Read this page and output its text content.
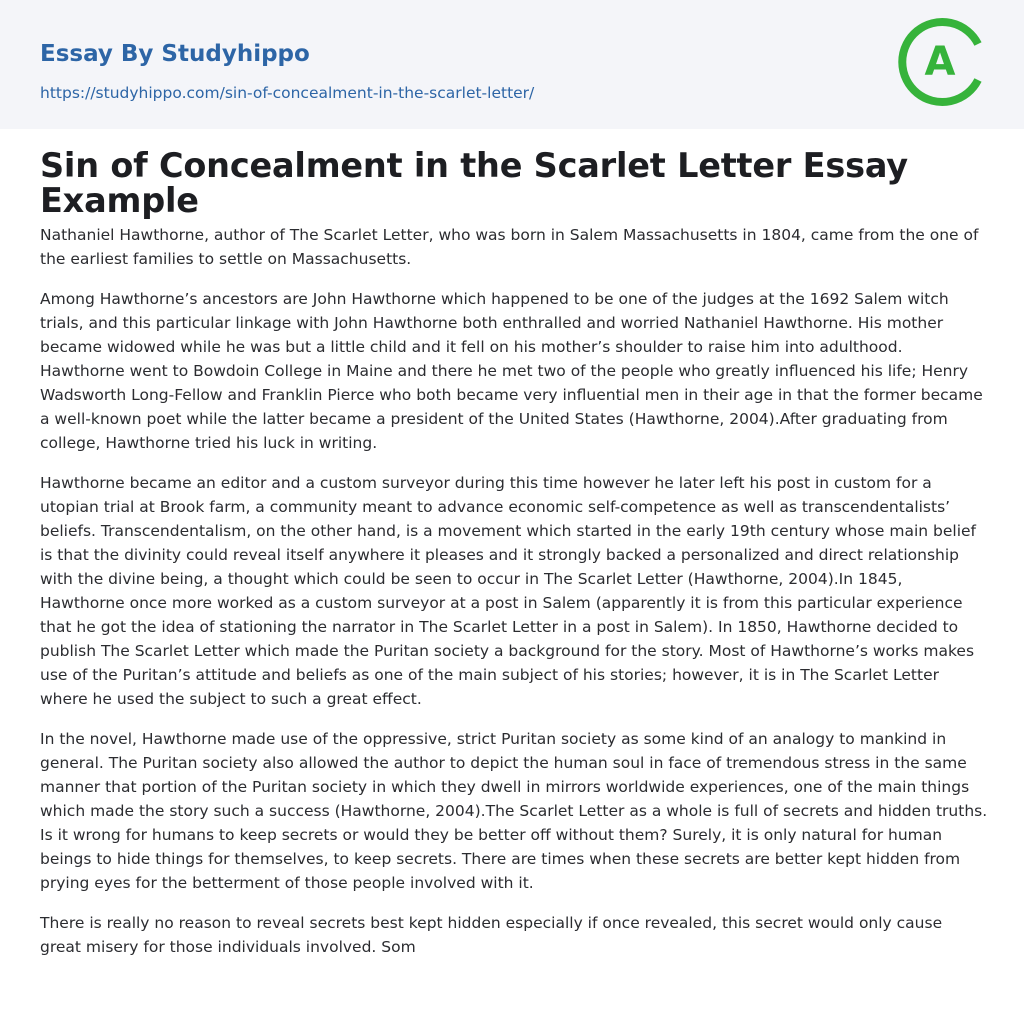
Essay By Studyhippo
https://studyhippo.com/sin-of-concealment-in-the-scarlet-letter/
A
Sin of Concealment in the Scarlet Letter Essay Example

Nathaniel Hawthorne, author of The Scarlet Letter, who was born in Salem Massachusetts in 1804, came from the one of the earliest families to settle on Massachusetts.

Among Hawthorne’s ancestors are John Hawthorne which happened to be one of the judges at the 1692 Salem witch trials, and this particular linkage with John Hawthorne both enthralled and worried Nathaniel Hawthorne. His mother became widowed while he was but a little child and it fell on his mother’s shoulder to raise him into adulthood. Hawthorne went to Bowdoin College in Maine and there he met two of the people who greatly influenced his life; Henry Wadsworth Long-Fellow and Franklin Pierce who both became very influential men in their age in that the former became a well-known poet while the latter became a president of the United States (Hawthorne, 2004).After graduating from college, Hawthorne tried his luck in writing.

Hawthorne became an editor and a custom surveyor during this time however he later left his post in custom for a utopian trial at Brook farm, a community meant to advance economic self-competence as well as transcendentalists’ beliefs. Transcendentalism, on the other hand, is a movement which started in the early 19th century whose main belief is that the divinity could reveal itself anywhere it pleases and it strongly backed a personalized and direct relationship with the divine being, a thought which could be seen to occur in The Scarlet Letter (Hawthorne, 2004).In 1845, Hawthorne once more worked as a custom surveyor at a post in Salem (apparently it is from this particular experience that he got the idea of stationing the narrator in The Scarlet Letter in a post in Salem). In 1850, Hawthorne decided to publish The Scarlet Letter which made the Puritan society a background for the story. Most of Hawthorne’s works makes use of the Puritan’s attitude and beliefs as one of the main subject of his stories; however, it is in The Scarlet Letter where he used the subject to such a great effect.

In the novel, Hawthorne made use of the oppressive, strict Puritan society as some kind of an analogy to mankind in general. The Puritan society also allowed the author to depict the human soul in face of tremendous stress in the same manner that portion of the Puritan society in which they dwell in mirrors worldwide experiences, one of the main things which made the story such a success (Hawthorne, 2004).The Scarlet Letter as a whole is full of secrets and hidden truths. Is it wrong for humans to keep secrets or would they be better off without them? Surely, it is only natural for human beings to hide things for themselves, to keep secrets. There are times when these secrets are better kept hidden from prying eyes for the betterment of those people involved with it.

There is really no reason to reveal secrets best kept hidden especially if once revealed, this secret would only cause great misery for those individuals involved. Som
